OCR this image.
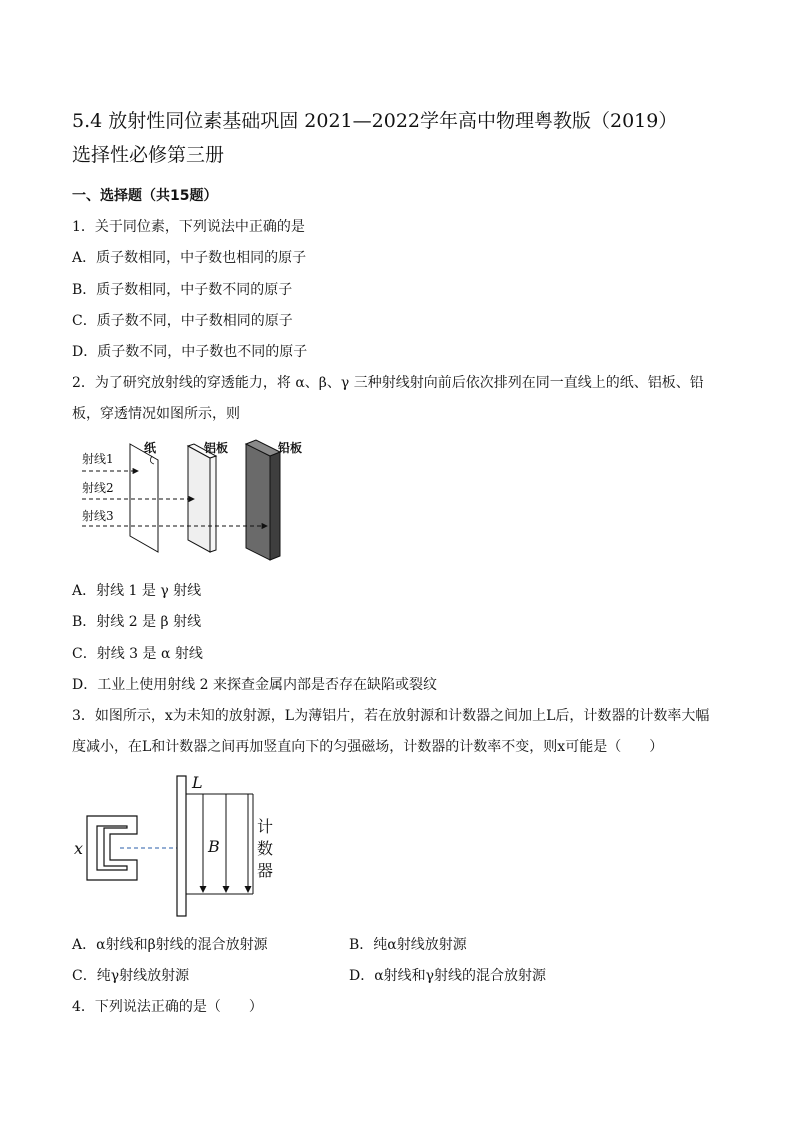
5.4 放射性同位素基础巩固 2021—2022学年高中物理粤教版（2019）
选择性必修第三册
一、选择题（共15题）
1．关于同位素，下列说法中正确的是
A．质子数相同，中子数也相同的原子
B．质子数相同，中子数不同的原子
C．质子数不同，中子数相同的原子
D．质子数不同，中子数也不同的原子
2．为了研究放射线的穿透能力，将 α、β、γ 三种射线射向前后依次排列在同一直线上的纸、铝板、铅
板，穿透情况如图所示，则
射线1
射线2
射线3
纸	铝板	铅板
A．射线 1 是 γ 射线
B．射线 2 是 β 射线
C．射线 3 是 α 射线
D．工业上使用射线 2 来探查金属内部是否存在缺陷或裂纹
3．如图所示，x为未知的放射源，L为薄铝片，若在放射源和计数器之间加上L后，计数器的计数率大幅
度减小，在L和计数器之间再加竖直向下的匀强磁场，计数器的计数率不变，则x可能是（　　）
x
L
B
计
数
器
A．α射线和β射线的混合放射源	B．纯α射线放射源
C．纯γ射线放射源	D．α射线和γ射线的混合放射源
4．下列说法正确的是（　　）
